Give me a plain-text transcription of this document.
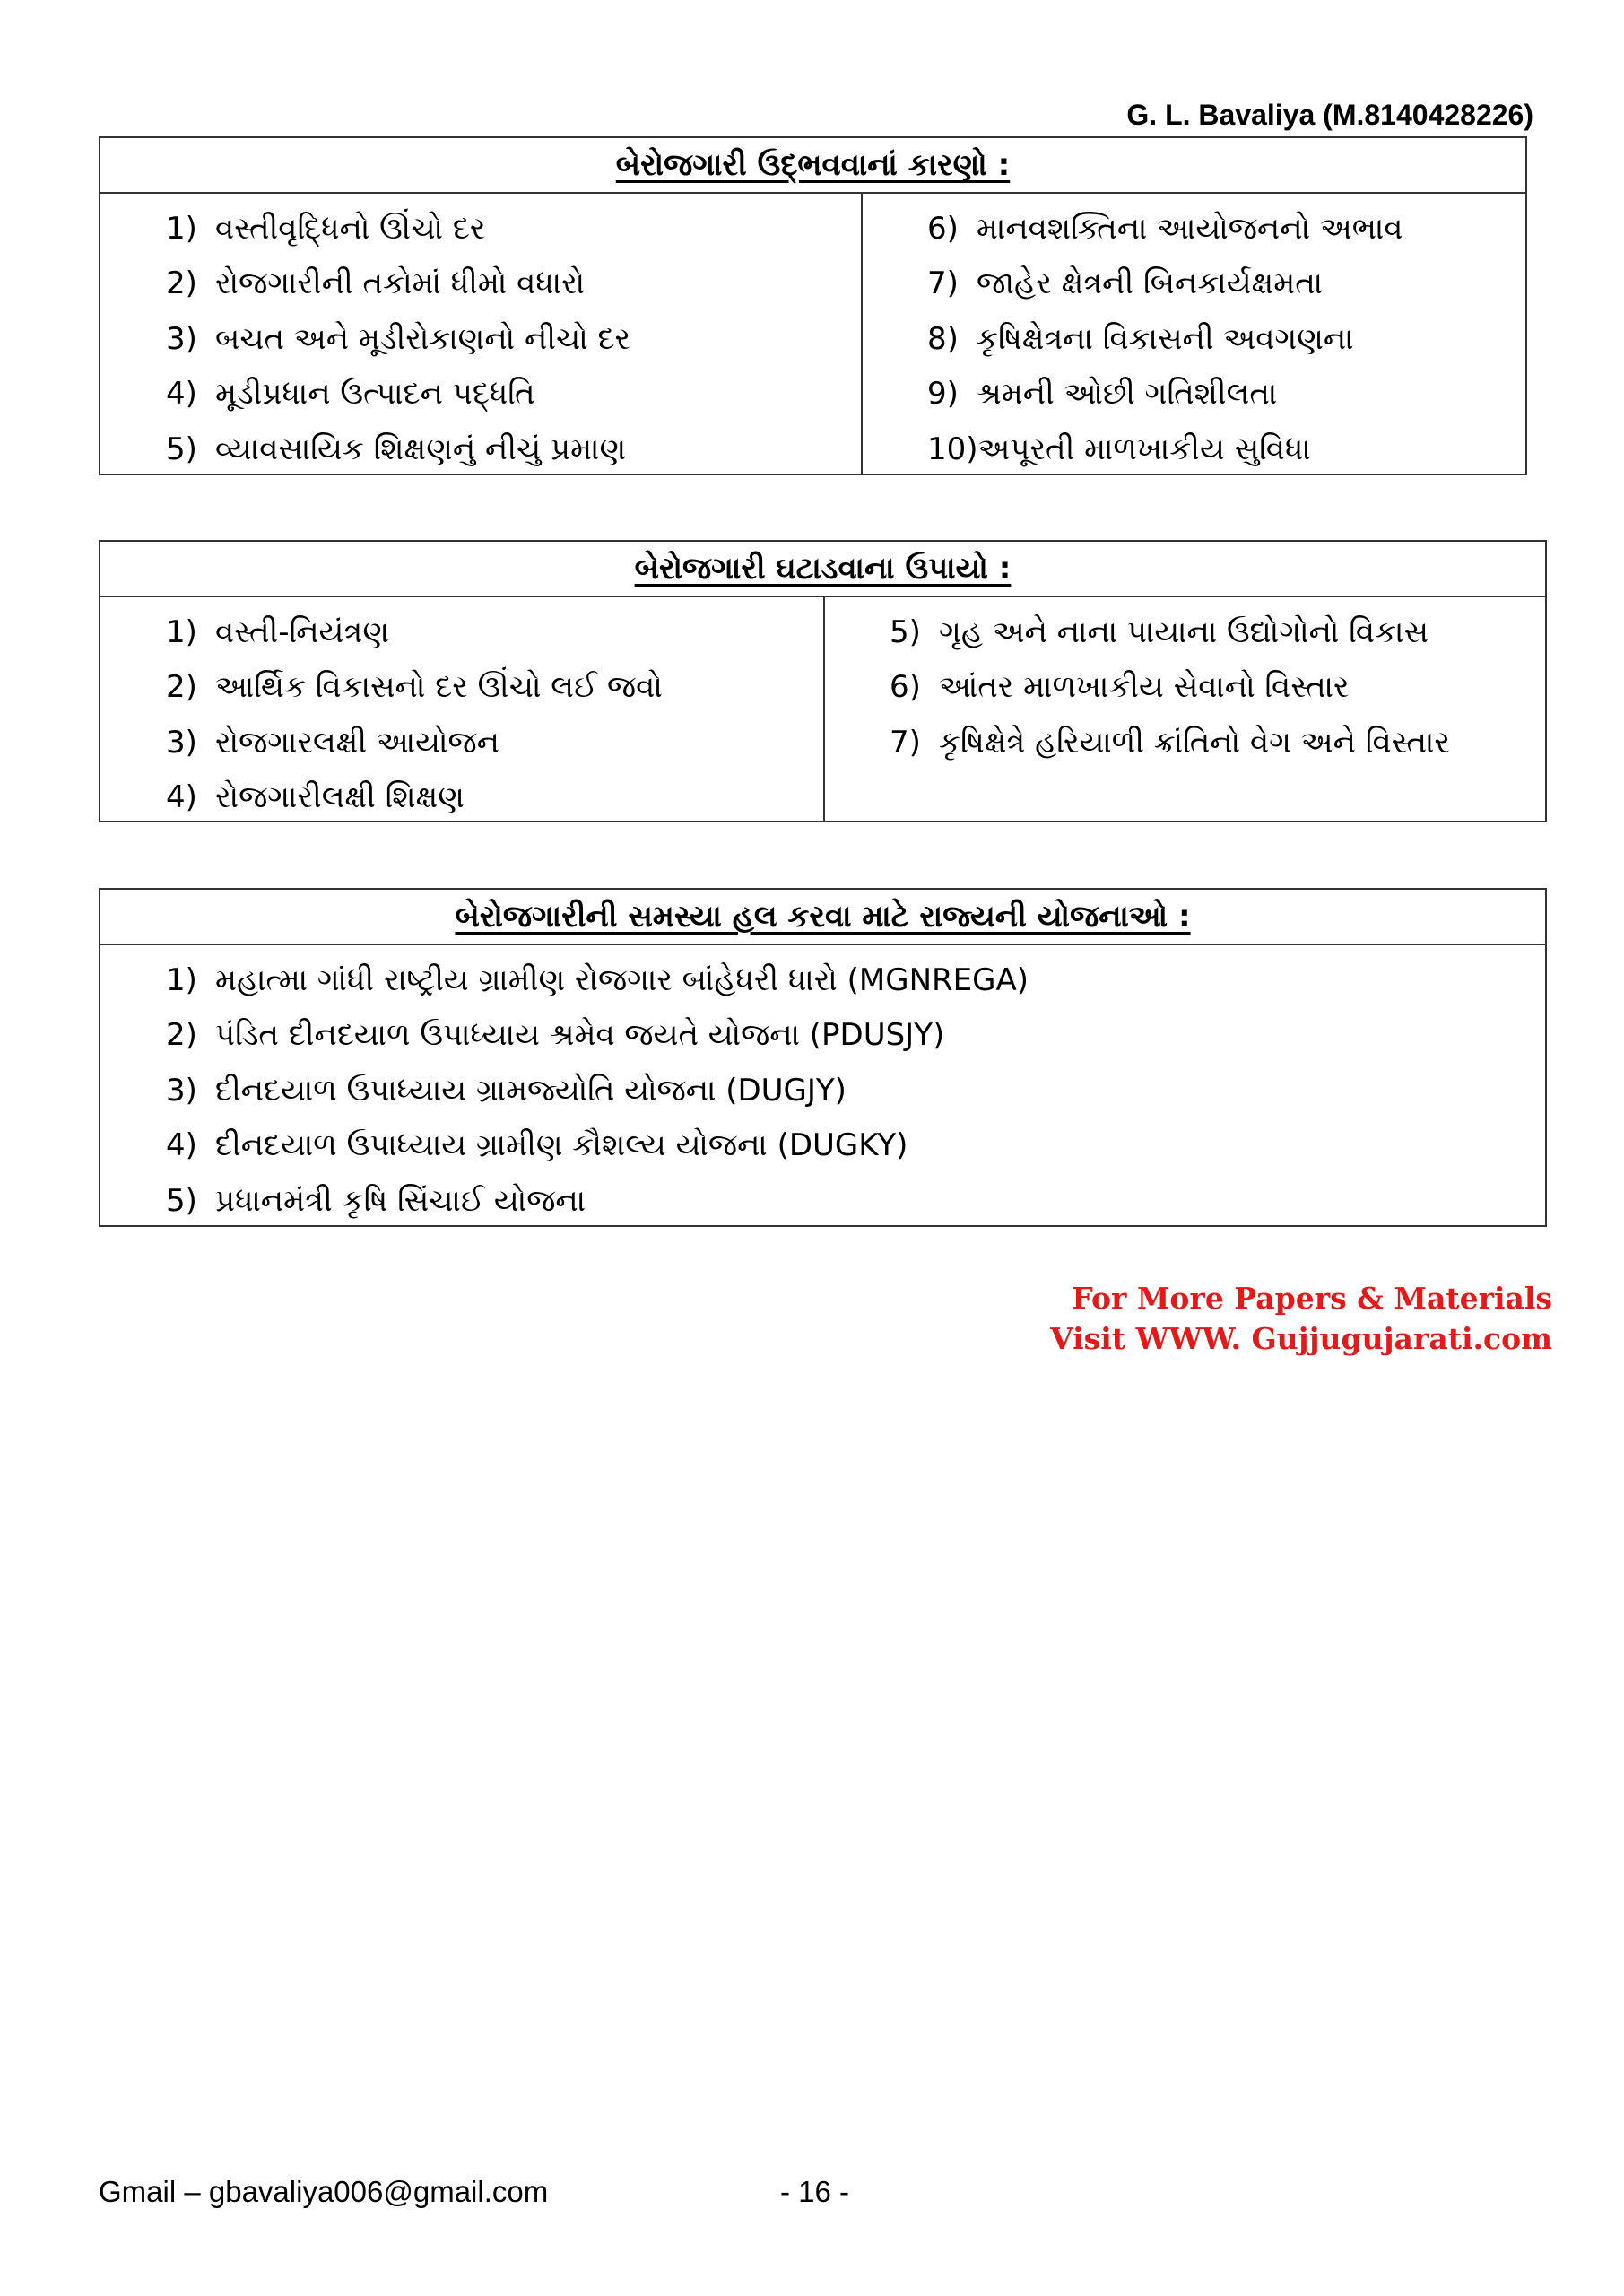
G. L. Bavaliya (M.8140428226)
બેરોજગારી ઉદ્ભવવાનાં કારણો :
1) વસ્તીવૃદ્ધિનો ઊંચો દર
2) રોજગારીની તકોમાં ધીમો વધારો
3) બચત અને મૂડીરોકાણનો નીચો દર
4) મૂડીપ્રધાન ઉત્પાદન પદ્ધતિ
5) વ્યાવસાયિક શિક્ષણનું નીચું પ્રમાણ
6) માનવશક્તિના આયોજનનો અભાવ
7) જાહેર ક્ષેત્રની બિનકાર્યક્ષમતા
8) કૃષિક્ષેત્રના વિકાસની અવગણના
9) શ્રમની ઓછી ગતિશીલતા
10) અપૂરતી માળખાકીય સુવિધા
બેરોજગારી ઘટાડવાના ઉપાયો :
1) વસ્તી-નિયંત્રણ
2) આર્થિક વિકાસનો દર ઊંચો લઈ જવો
3) રોજગારલક્ષી આયોજન
4) રોજગારીલક્ષી શિક્ષણ
5) ગૃહ અને નાના પાયાના ઉદ્યોગોનો વિકાસ
6) આંતર માળખાકીય સેવાનો વિસ્તાર
7) કૃષિક્ષેત્રે હરિયાળી ક્રાંતિનો વેગ અને વિસ્તાર
બેરોજગારીની સમસ્યા હલ કરવા માટે રાજ્યની યોજનાઓ :
1) મહાત્મા ગાંધી રાષ્ટ્રીય ગ્રામીણ રોજગાર બાંહેધરી ધારો (MGNREGA)
2) પંડિત દીનદયાળ ઉપાધ્યાય શ્રમેવ જયતે યોજના (PDUSJY)
3) દીનદયાળ ઉપાધ્યાય ગ્રામજ્યોતિ યોજના (DUGJY)
4) દીનદયાળ ઉપાધ્યાય ગ્રામીણ કૌશલ્ય યોજના (DUGKY)
5) પ્રધાનમંત્રી કૃષિ સિંચાઈ યોજના
For More Papers & Materials
Visit WWW. Gujjugujarati.com
Gmail – gbavaliya006@gmail.com	- 16 -
